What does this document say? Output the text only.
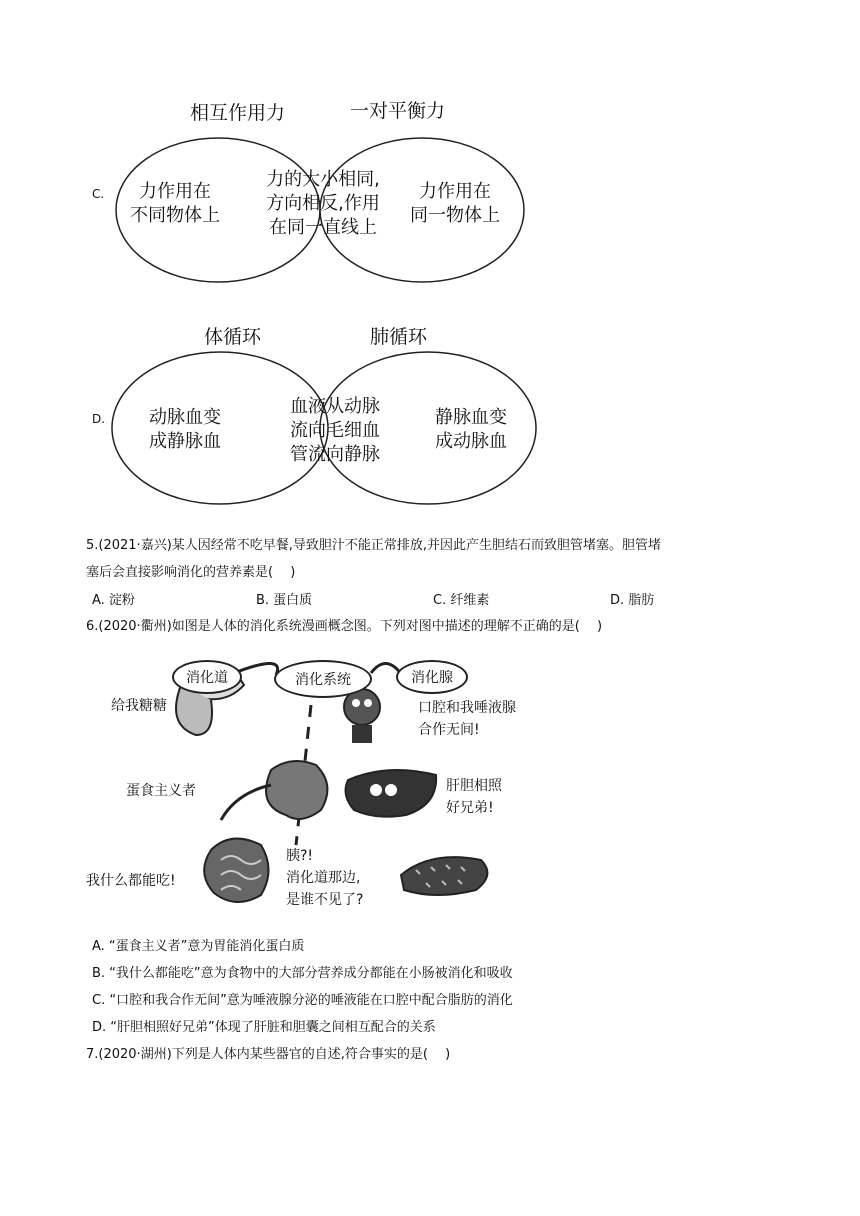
C.
相互作用力	一对平衡力
力作用在
不同物体上
力的大小相同,
方向相反,作用
在同一直线上
力作用在
同一物体上
D.
体循环	肺循环
动脉血变
成静脉血
血液从动脉
流向毛细血
管流向静脉
静脉血变
成动脉血
5.(2021·嘉兴)某人因经常不吃早餐,导致胆汁不能正常排放,并因此产生胆结石而致胆管堵塞。胆管堵
塞后会直接影响消化的营养素是(　 )
A. 淀粉	B. 蛋白质	C. 纤维素	D. 脂肪
6.(2020·衢州)如图是人体的消化系统漫画概念图。下列对图中描述的理解不正确的是(　 )
消化道	消化系统	消化腺
给我糖糖
蛋食主义者
我什么都能吃!
胰?!
消化道那边,
是谁不见了?
口腔和我唾液腺
合作无间!
肝胆相照
好兄弟!
A. “蛋食主义者”意为胃能消化蛋白质
B. “我什么都能吃”意为食物中的大部分营养成分都能在小肠被消化和吸收
C. “口腔和我合作无间”意为唾液腺分泌的唾液能在口腔中配合脂肪的消化
D. “肝胆相照好兄弟”体现了肝脏和胆囊之间相互配合的关系
7.(2020·湖州)下列是人体内某些器官的自述,符合事实的是(　 )
